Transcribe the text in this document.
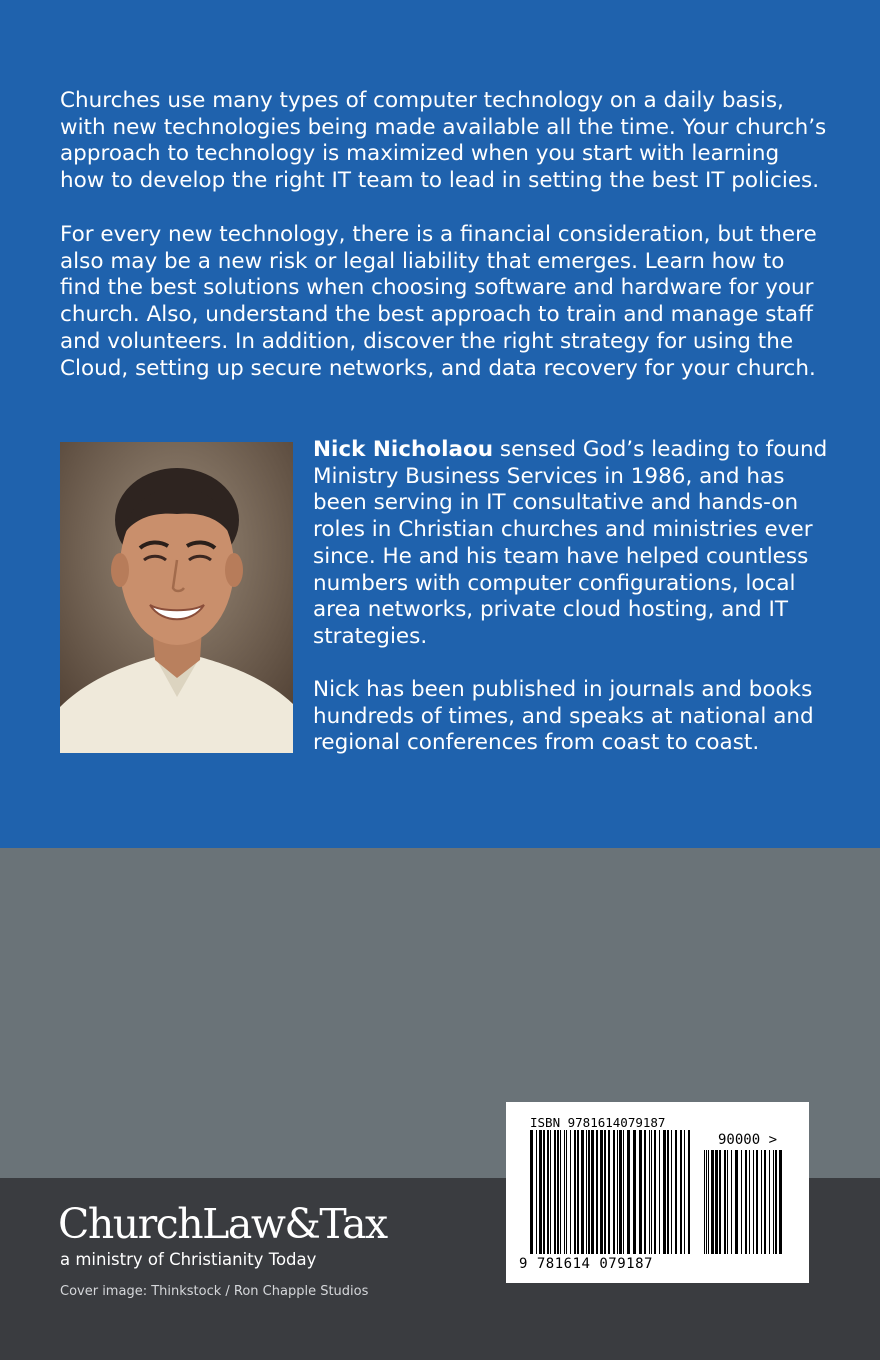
Churches use many types of computer technology on a daily basis, with new technologies being made available all the time. Your church’s approach to technology is maximized when you start with learning how to develop the right IT team to lead in setting the best IT policies.

For every new technology, there is a financial consideration, but there also may be a new risk or legal liability that emerges. Learn how to find the best solutions when choosing software and hardware for your church. Also, understand the best approach to train and manage staff and volunteers. In addition, discover the right strategy for using the Cloud, setting up secure networks, and data recovery for your church.

Nick Nicholaou sensed God’s leading to found Ministry Business Services in 1986, and has been serving in IT consultative and hands-on roles in Christian churches and ministries ever since. He and his team have helped countless numbers with computer configurations, local area networks, private cloud hosting, and IT strategies.

Nick has been published in journals and books hundreds of times, and speaks at national and regional conferences from coast to coast.

ChurchLaw&Tax
a ministry of Christianity Today
Cover image: Thinkstock / Ron Chapple Studios
ISBN 9781614079187
90000 >
9 781614 079187
